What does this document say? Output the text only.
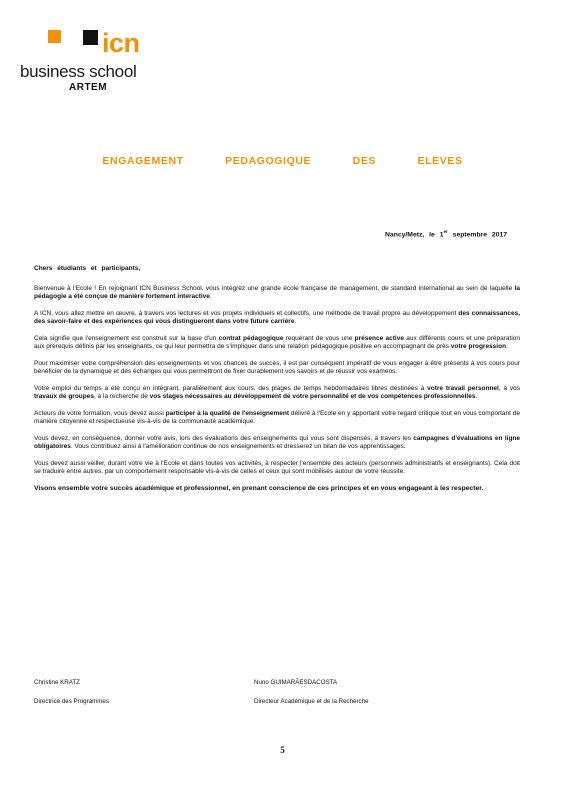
icn
business school
ARTEM
ENGAGEMENT PEDAGOGIQUE DES ELEVES
Nancy/Metz, le 1er septembre 2017

Chers étudiants et participants,

Bienvenue à l'Ecole ! En rejoignant ICN Business School, vous intégrez une grande école française de management, de standard international au sein de laquelle la pédagogie a été conçue de manière fortement interactive.

A ICN, vous allez mettre en œuvre, à travers vos lectures et vos projets individuels et collectifs, une méthode de travail propre au développement des connaissances, des savoir-faire et des expériences qui vous distingueront dans votre future carrière.

Cela signifie que l'enseignement est construit sur la base d'un contrat pédagogique requérant de vous une présence active aux différents cours et une préparation aux prérequis définis par les enseignants, ce qui leur permettra de s'impliquer dans une relation pédagogique positive en accompagnant de près votre progression.

Pour maximiser votre compréhension des enseignements et vos chances de succès, il est par conséquent impératif de vous engager à être présents à vos cours pour bénéficier de la dynamique et des échanges qui vous permettront de fixer durablement vos savoirs et de réussir vos examens.

Votre emploi du temps a été conçu en intégrant, parallèlement aux cours, des plages de temps hebdomadaires libres destinées à votre travail personnel, à vos travaux de groupes, à la recherche de vos stages nécessaires au développement de votre personnalité et de vos compétences professionnelles.

Acteurs de votre formation, vous devez aussi participer à la qualité de l'enseignement délivré à l'Ecole en y apportant votre regard critique tout en vous comportant de manière citoyenne et respectueuse vis-à-vis de la communauté académique.

Vous devez, en conséquence, donner votre avis, lors des évaluations des enseignements qui vous sont dispensés, à travers les campagnes d'évaluations en ligne obligatoires. Vous contribuez ainsi à l'amélioration continue de nos enseignements et dresserez un bilan de vos apprentissages.

Vous devez aussi veiller, durant votre vie à l'Ecole et dans toutes vos activités, à respecter l'ensemble des acteurs (personnels administratifs et enseignants). Cela doit se traduire entre autres, par un comportement responsable vis-à-vis de celles et ceux qui sont mobilisés autour de votre réussite.

Visons ensemble votre succès académique et professionnel, en prenant conscience de ces principes et en vous engageant à les respecter.

Christine KRATZ
Directrice des Programmes
Nuno GUIMARÃESDACOSTA
Directeur Académique et de la Recherche
5
